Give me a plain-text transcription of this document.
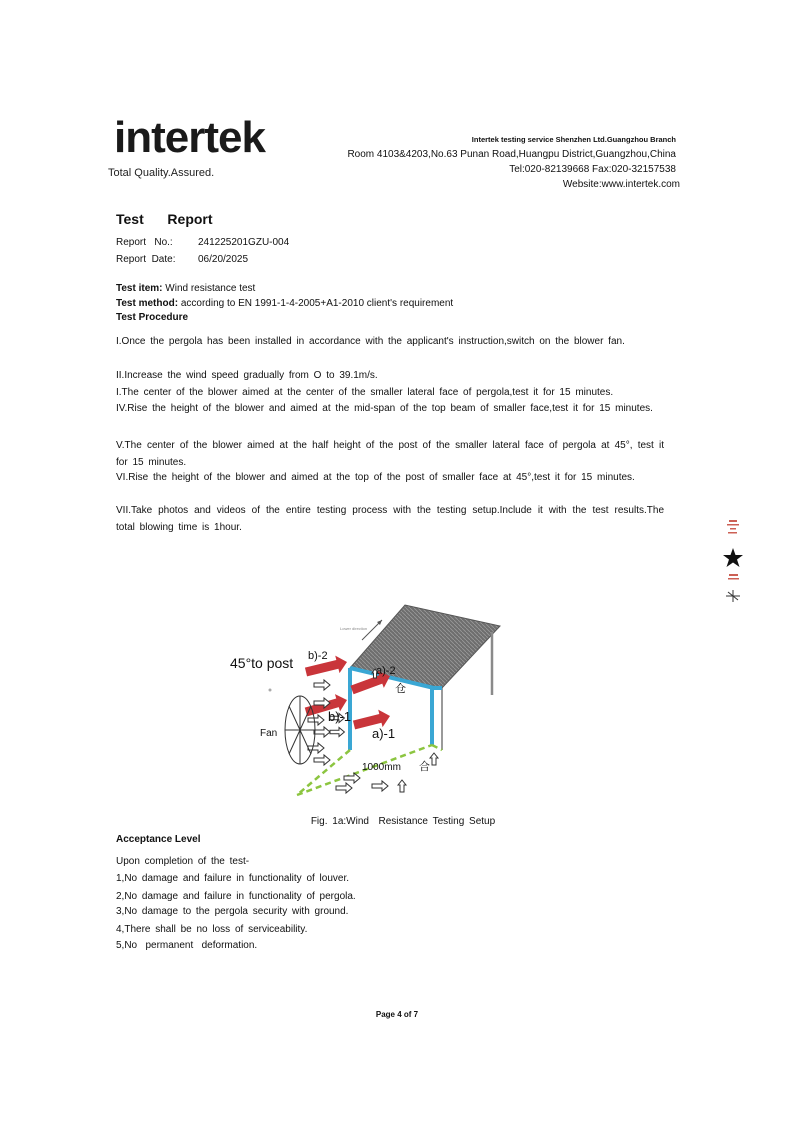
intertek
Total Quality.Assured.
Intertek testing service Shenzhen Ltd.Guangzhou Branch
Room 4103&4203,No.63 Punan Road,Huangpu District,Guangzhou,China
Tel:020-82139668 Fax:020-32157538
Website:www.intertek.com
Test   Report
Report   No.:	241225201GZU-004
Report  Date: 06/20/2025
Test item: Wind resistance test
Test method: according to EN 1991-1-4-2005+A1-2010 client's requirement
Test Procedure
I.Once the pergola has been installed in accordance with the applicant's instruction,switch on the blower fan.
II.Increase the wind speed gradually from O to 39.1m/s.
I.The center of the blower aimed at the center of the smaller lateral face of pergola,test it for 15 minutes.
IV.Rise the height of the blower and aimed at the mid-span of the top beam of smaller face,test it for 15 minutes.
V.The center of the blower aimed at the half height of the post of the smaller lateral face of pergola at 45°, test it for 15 minutes.
VI.Rise the height of the blower and aimed at the top of the post of smaller face at 45°,test it for 15 minutes.
VII.Take photos and videos of the entire testing process with the testing setup.Include it with the test results.The total blowing time is 1hour.
Lower direction
45°to post b)-2
a)-2
b)-1
a)-1
Fan
1000mm
仓
合
Fig. 1a:Wind  Resistance Testing Setup
Acceptance Level
Upon completion of the test-
1,No damage and failure in functionality of louver.
2,No damage and failure in functionality of pergola.
3,No damage to the pergola security with ground.
4,There shall be no loss of serviceability.
5,No   permanent   deformation.
Page 4 of 7
